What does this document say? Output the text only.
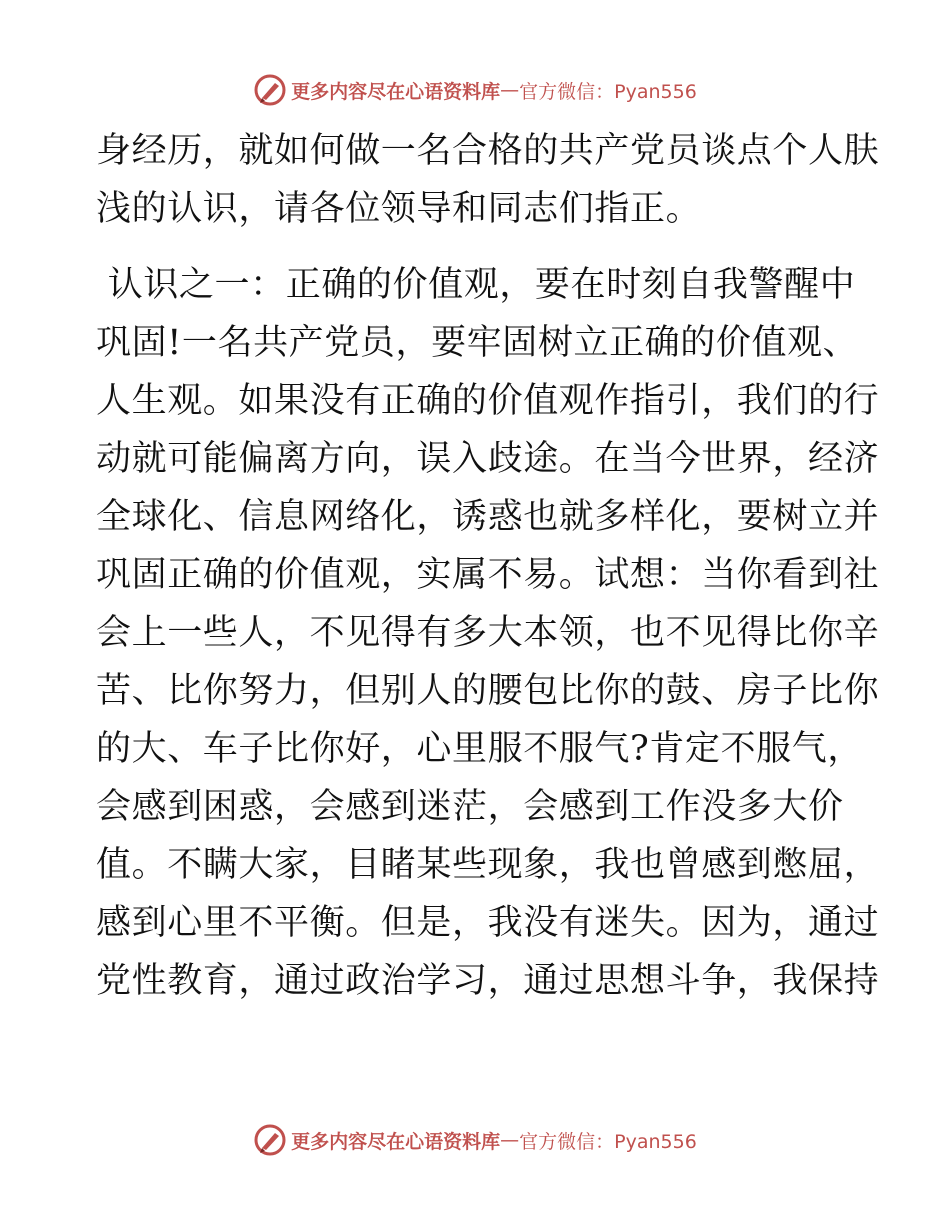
更多内容尽在心语资料库 — 官方微信：Pyan556
身经历，就如何做一名合格的共产党员谈点个人肤
浅的认识，请各位领导和同志们指正。
认识之一：正确的价值观，要在时刻自我警醒中
巩固!一名共产党员，要牢固树立正确的价值观、
人生观。如果没有正确的价值观作指引，我们的行
动就可能偏离方向，误入歧途。在当今世界，经济
全球化、信息网络化，诱惑也就多样化，要树立并
巩固正确的价值观，实属不易。试想：当你看到社
会上一些人，不见得有多大本领，也不见得比你辛
苦、比你努力，但别人的腰包比你的鼓、房子比你
的大、车子比你好，心里服不服气?肯定不服气，
会感到困惑，会感到迷茫，会感到工作没多大价
值。不瞒大家，目睹某些现象，我也曾感到憋屈，
感到心里不平衡。但是，我没有迷失。因为，通过
党性教育，通过政治学习，通过思想斗争，我保持
更多内容尽在心语资料库 — 官方微信：Pyan556
